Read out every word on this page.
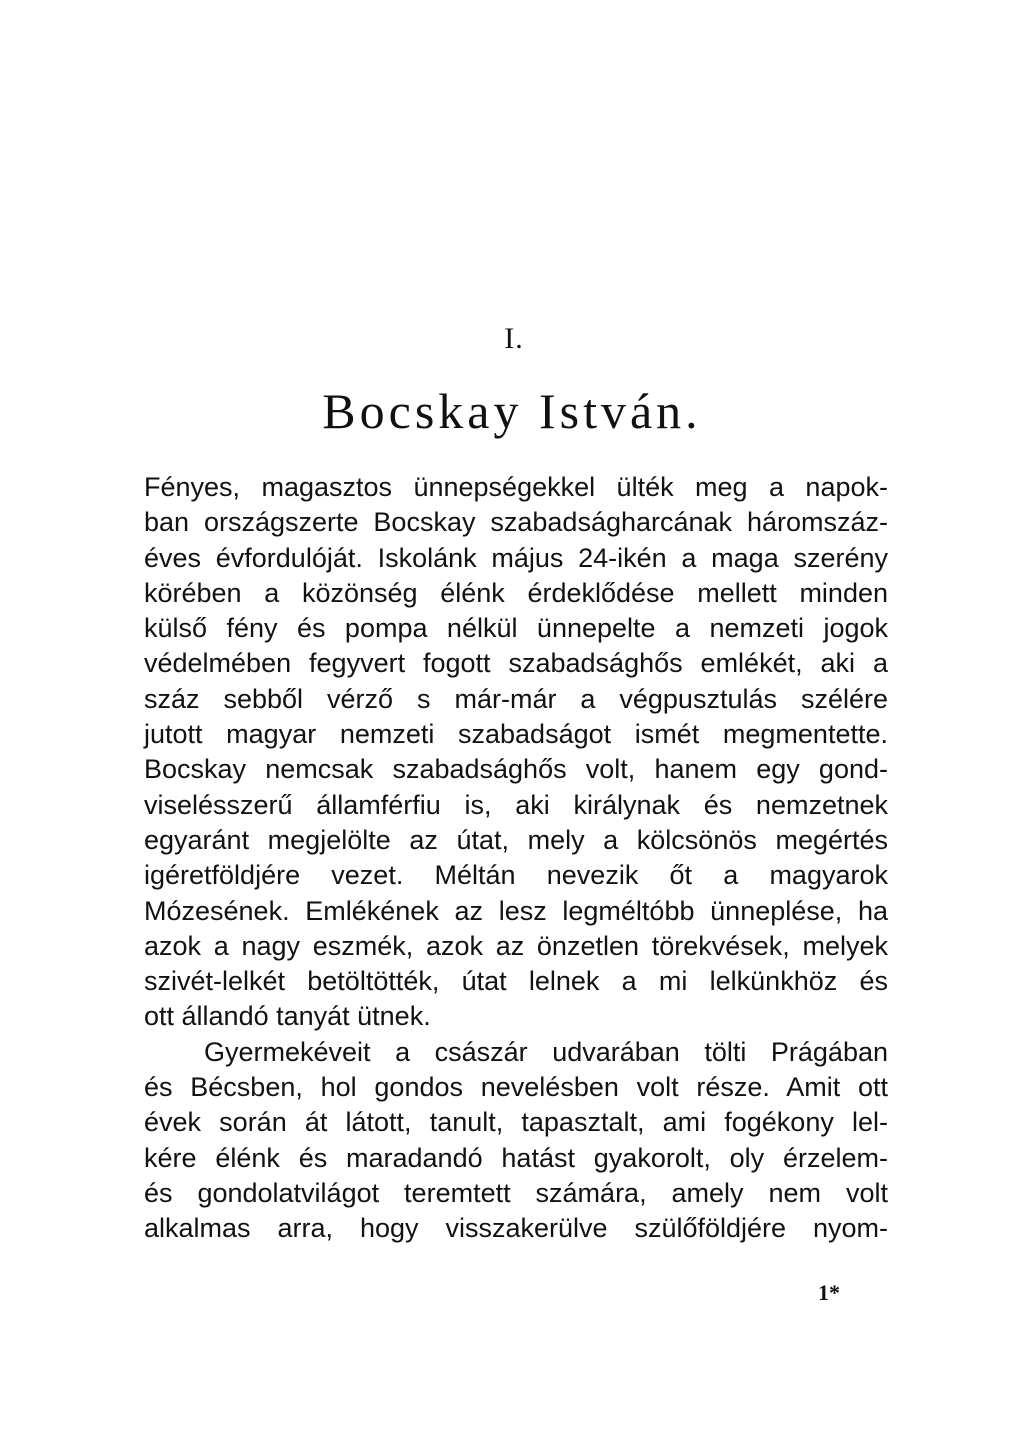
I.
Bocskay István.
Fényes, magasztos ünnepségekkel ülték meg a napok-
ban országszerte Bocskay szabadságharcának háromszáz-
éves évfordulóját. Iskolánk május 24-ikén a maga szerény
körében a közönség élénk érdeklődése mellett minden
külső fény és pompa nélkül ünnepelte a nemzeti jogok
védelmében fegyvert fogott szabadsághős emlékét, aki a
száz sebből vérző s már-már a végpusztulás szélére
jutott magyar nemzeti szabadságot ismét megmentette.
Bocskay nemcsak szabadsághős volt, hanem egy gond-
viselésszerű államférfiu is, aki királynak és nemzetnek
egyaránt megjelölte az útat, mely a kölcsönös megértés
igéretföldjére vezet. Méltán nevezik őt a magyarok
Mózesének. Emlékének az lesz legméltóbb ünneplése, ha
azok a nagy eszmék, azok az önzetlen törekvések, melyek
szivét-lelkét betöltötték, útat lelnek a mi lelkünkhöz és
ott állandó tanyát ütnek.
Gyermekéveit a császár udvarában tölti Prágában
és Bécsben, hol gondos nevelésben volt része. Amit ott
évek során át látott, tanult, tapasztalt, ami fogékony lel-
kére élénk és maradandó hatást gyakorolt, oly érzelem-
és gondolatvilágot teremtett számára, amely nem volt
alkalmas arra, hogy visszakerülve szülőföldjére nyom-
1*
